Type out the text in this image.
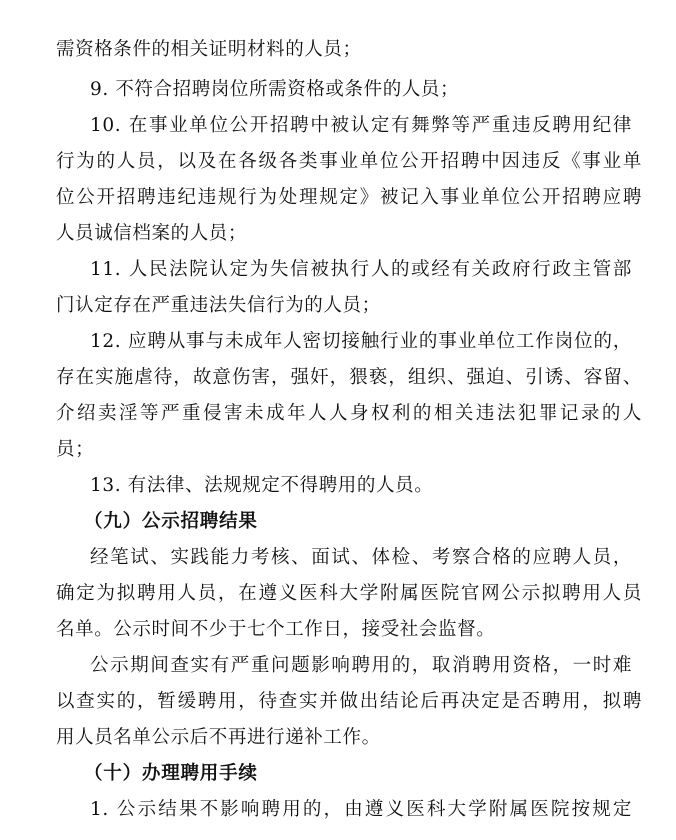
需资格条件的相关证明材料的人员；
9. 不符合招聘岗位所需资格或条件的人员；
10. 在事业单位公开招聘中被认定有舞弊等严重违反聘用纪律
行为的人员，以及在各级各类事业单位公开招聘中因违反《事业单
位公开招聘违纪违规行为处理规定》被记入事业单位公开招聘应聘
人员诚信档案的人员；
11. 人民法院认定为失信被执行人的或经有关政府行政主管部
门认定存在严重违法失信行为的人员；
12. 应聘从事与未成年人密切接触行业的事业单位工作岗位的，
存在实施虐待，故意伤害，强奸，猥亵，组织、强迫、引诱、容留、
介绍卖淫等严重侵害未成年人人身权利的相关违法犯罪记录的人
员；
13. 有法律、法规规定不得聘用的人员。
（九）公示招聘结果
经笔试、实践能力考核、面试、体检、考察合格的应聘人员，
确定为拟聘用人员，在遵义医科大学附属医院官网公示拟聘用人员
名单。公示时间不少于七个工作日，接受社会监督。
公示期间查实有严重问题影响聘用的，取消聘用资格，一时难
以查实的，暂缓聘用，待查实并做出结论后再决定是否聘用，拟聘
用人员名单公示后不再进行递补工作。
（十）办理聘用手续
1. 公示结果不影响聘用的，由遵义医科大学附属医院按规定
